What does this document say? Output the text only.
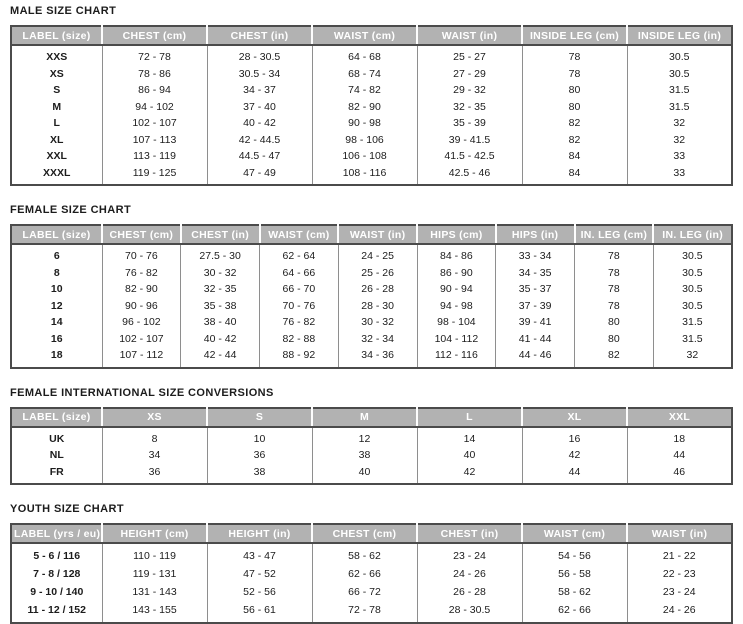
MALE SIZE CHART
LABEL (size)	CHEST (cm)	CHEST (in)	WAIST (cm)	WAIST (in)	INSIDE LEG (cm)	INSIDE LEG (in)
XXS	72 - 78	28 - 30.5	64 - 68	25 - 27	78	30.5
XS	78 - 86	30.5 - 34	68 - 74	27 - 29	78	30.5
S	86 - 94	34 - 37	74 - 82	29 - 32	80	31.5
M	94 - 102	37 - 40	82 - 90	32 - 35	80	31.5
L	102 - 107	40 - 42	90 - 98	35 - 39	82	32
XL	107 - 113	42 - 44.5	98 - 106	39 - 41.5	82	32
XXL	113 - 119	44.5 - 47	106 - 108	41.5 - 42.5	84	33
XXXL	119 - 125	47 - 49	108 - 116	42.5 - 46	84	33
FEMALE SIZE CHART
LABEL (size)	CHEST (cm)	CHEST (in)	WAIST (cm)	WAIST (in)	HIPS (cm)	HIPS (in)	IN. LEG (cm)	IN. LEG (in)
6	70 - 76	27.5 - 30	62 - 64	24 - 25	84 - 86	33 - 34	78	30.5
8	76 - 82	30 - 32	64 - 66	25 - 26	86 - 90	34 - 35	78	30.5
10	82 - 90	32 - 35	66 - 70	26 - 28	90 - 94	35 - 37	78	30.5
12	90 - 96	35 - 38	70 - 76	28 - 30	94 - 98	37 - 39	78	30.5
14	96 - 102	38 - 40	76 - 82	30 - 32	98 - 104	39 - 41	80	31.5
16	102 - 107	40 - 42	82 - 88	32 - 34	104 - 112	41 - 44	80	31.5
18	107 - 112	42 - 44	88 - 92	34 - 36	112 - 116	44 - 46	82	32
FEMALE INTERNATIONAL SIZE CONVERSIONS
LABEL (size)	XS	S	M	L	XL	XXL
UK	8	10	12	14	16	18
NL	34	36	38	40	42	44
FR	36	38	40	42	44	46
YOUTH SIZE CHART
LABEL (yrs / eu)	HEIGHT (cm)	HEIGHT (in)	CHEST (cm)	CHEST (in)	WAIST (cm)	WAIST (in)
5 - 6 / 116	110 - 119	43 - 47	58 - 62	23 - 24	54 - 56	21 - 22
7 - 8 / 128	119 - 131	47 - 52	62 - 66	24 - 26	56 - 58	22 - 23
9 - 10 / 140	131 - 143	52 - 56	66 - 72	26 - 28	58 - 62	23 - 24
11 - 12 / 152	143 - 155	56 - 61	72 - 78	28 - 30.5	62 - 66	24 - 26
